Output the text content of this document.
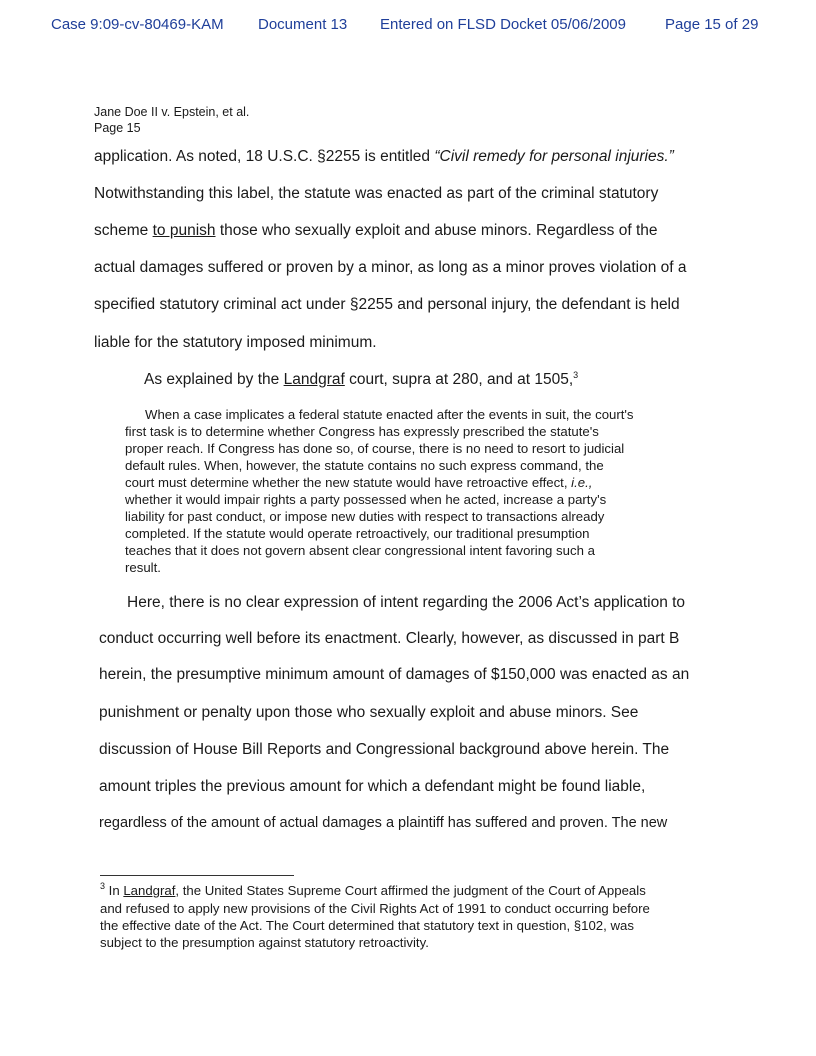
Case 9:09-cv-80469-KAM Document 13 Entered on FLSD Docket 05/06/2009	Page 15 of 29
Jane Doe II v. Epstein, et al.
Page 15
application. As noted, 18 U.S.C. §2255 is entitled “Civil remedy for personal injuries.”
Notwithstanding this label, the statute was enacted as part of the criminal statutory
scheme to punish those who sexually exploit and abuse minors. Regardless of the
actual damages suffered or proven by a minor, as long as a minor proves violation of a
specified statutory criminal act under §2255 and personal injury, the defendant is held
liable for the statutory imposed minimum.
As explained by the Landgraf court, supra at 280, and at 1505,$^3$
When a case implicates a federal statute enacted after the events in suit, the court's
first task is to determine whether Congress has expressly prescribed the statute's
proper reach. If Congress has done so, of course, there is no need to resort to judicial
default rules. When, however, the statute contains no such express command, the
court must determine whether the new statute would have retroactive effect, i.e.,
whether it would impair rights a party possessed when he acted, increase a party's
liability for past conduct, or impose new duties with respect to transactions already
completed. If the statute would operate retroactively, our traditional presumption
teaches that it does not govern absent clear congressional intent favoring such a
result.
Here, there is no clear expression of intent regarding the 2006 Act’s application to
conduct occurring well before its enactment. Clearly, however, as discussed in part B
herein, the presumptive minimum amount of damages of $150,000 was enacted as an
punishment or penalty upon those who sexually exploit and abuse minors. See
discussion of House Bill Reports and Congressional background above herein. The
amount triples the previous amount for which a defendant might be found liable,
regardless of the amount of actual damages a plaintiff has suffered and proven. The new
$^3$ In Landgraf, the United States Supreme Court affirmed the judgment of the Court of Appeals
and refused to apply new provisions of the Civil Rights Act of 1991 to conduct occurring before
the effective date of the Act. The Court determined that statutory text in question, §102, was
subject to the presumption against statutory retroactivity.
